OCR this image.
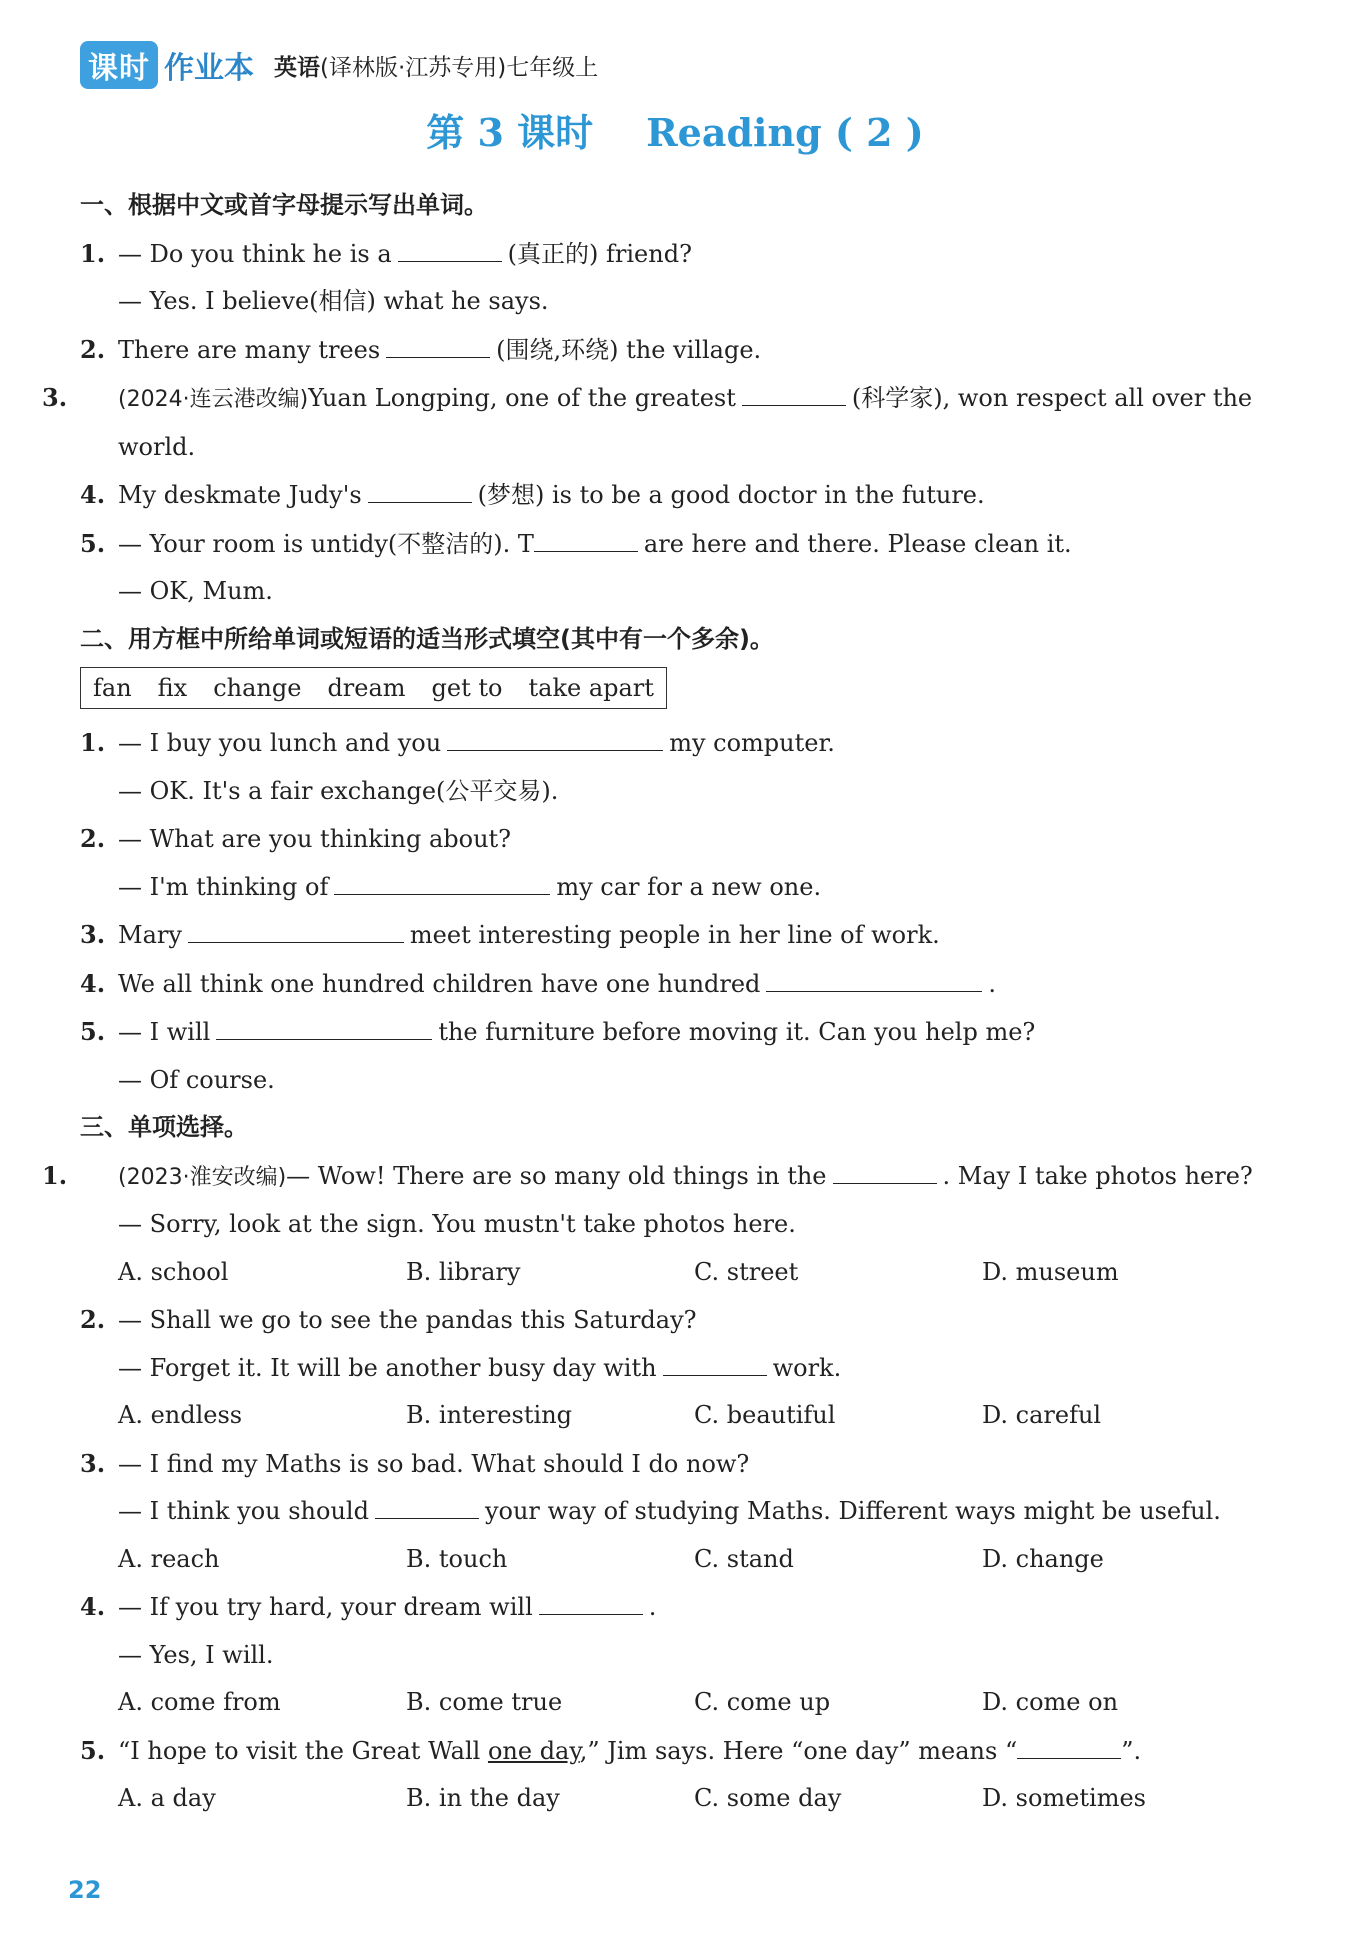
课时 作业本 英语(译林版·江苏专用)七年级上
第 3 课时    Reading ( 2 )
一、根据中文或首字母提示写出单词。
1. — Do you think he is a	(真正的) friend?
— Yes. I believe(相信) what he says.
2. There are many trees	(围绕,环绕) the village.
3. (2024·连云港改编)Yuan Longping, one of the greatest	(科学家), won respect all over the world.
4. My deskmate Judy's	(梦想) is to be a good doctor in the future.
5. — Your room is untidy(不整洁的). T	are here and there. Please clean it.
— OK, Mum.
二、用方框中所给单词或短语的适当形式填空(其中有一个多余)。
fan fix change dream get to take apart
1. — I buy you lunch and you	my computer.
— OK. It's a fair exchange(公平交易).
2. — What are you thinking about?
— I'm thinking of	my car for a new one.
3. Mary	meet interesting people in her line of work.
4. We all think one hundred children have one hundred	.
5. — I will	the furniture before moving it. Can you help me?
— Of course.
三、单项选择。
1. (2023·淮安改编)— Wow! There are so many old things in the	. May I take photos here?
— Sorry, look at the sign. You mustn't take photos here.
A. school	B. library	C. street	D. museum
2. — Shall we go to see the pandas this Saturday?
— Forget it. It will be another busy day with	work.
A. endless	B. interesting	C. beautiful	D. careful
3. — I find my Maths is so bad. What should I do now?
— I think you should	your way of studying Maths. Different ways might be useful.
A. reach	B. touch	C. stand	D. change
4. — If you try hard, your dream will	.
— Yes, I will.
A. come from	B. come true	C. come up	D. come on
5. “I hope to visit the Great Wall one day,” Jim says. Here “one day” means “	”.
A. a day	B. in the day	C. some day	D. sometimes
22
